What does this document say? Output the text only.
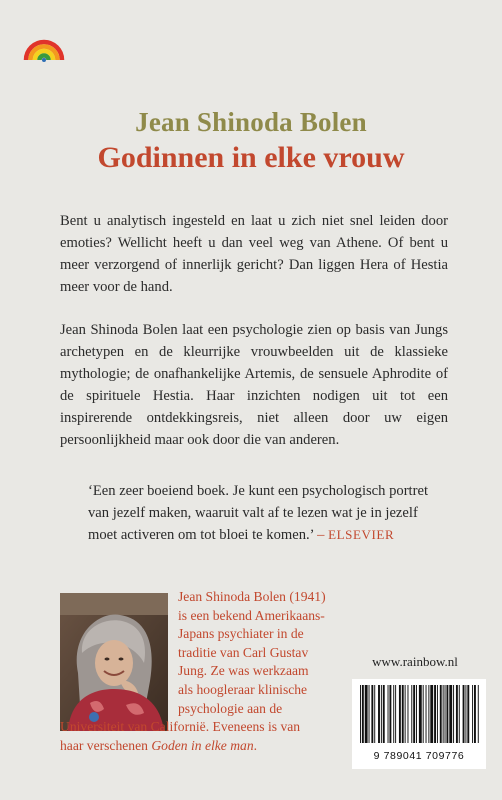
Jean Shinoda Bolen
Godinnen in elke vrouw
Bent u analytisch ingesteld en laat u zich niet snel leiden door emoties? Wellicht heeft u dan veel weg van Athene. Of bent u meer verzorgend of innerlijk gericht? Dan liggen Hera of Hestia meer voor de hand.
Jean Shinoda Bolen laat een psychologie zien op basis van Jungs archetypen en de kleurrijke vrouwbeelden uit de klassieke mythologie; de onafhankelijke Artemis, de sensuele Aphrodite of de spirituele Hestia. Haar inzichten nodigen uit tot een inspirerende ontdekkingsreis, niet alleen door uw eigen persoonlijkheid maar ook door die van anderen.
‘Een zeer boeiend boek. Je kunt een psychologisch portret van jezelf maken, waaruit valt af te lezen wat je in jezelf moet activeren om tot bloei te komen.’ – ELSEVIER
Jean Shinoda Bolen (1941)
is een bekend Amerikaans-
Japans psychiater in de
traditie van Carl Gustav
Jung. Ze was werkzaam
als hoogleraar klinische
psychologie aan de
Universiteit van Californië. Eveneens is van
haar verschenen Goden in elke man.
www.rainbow.nl
9 789041 709776
